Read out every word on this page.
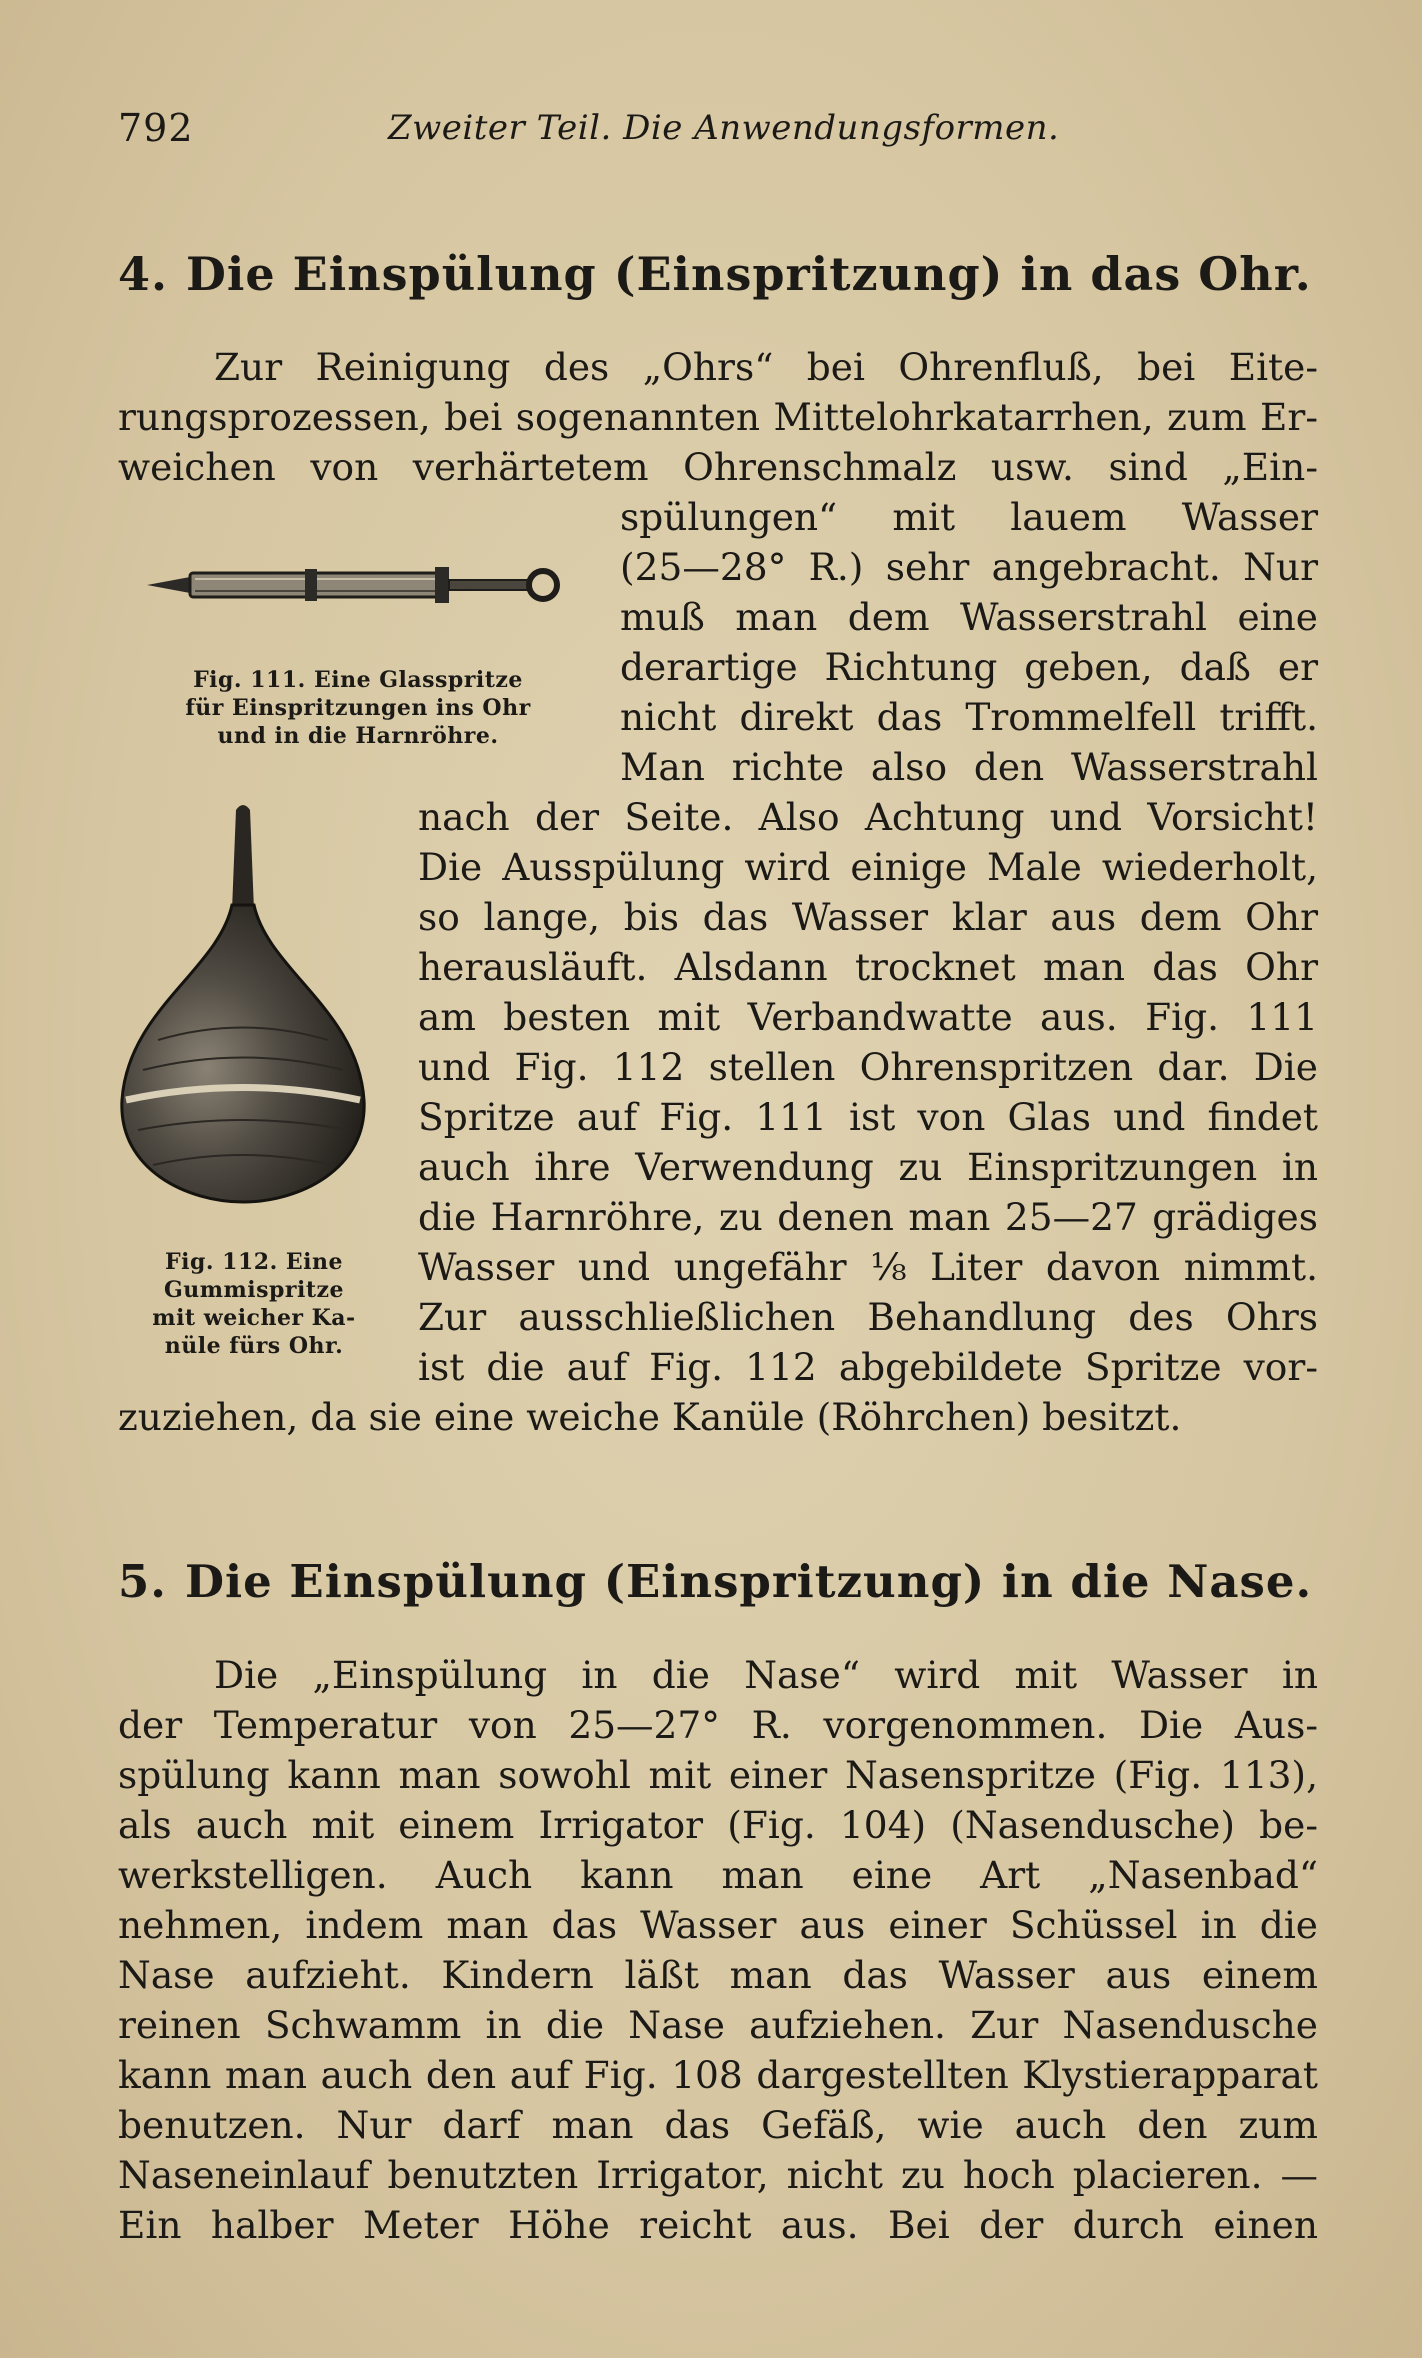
792	Zweiter Teil. Die Anwendungsformen.
4. Die Einspülung (Einspritzung) in das Ohr.
Zur Reinigung des „Ohrs“ bei Ohrenfluß, bei Eite-
rungsprozessen, bei sogenannten Mittelohrkatarrhen, zum Er-
weichen von verhärtetem Ohrenschmalz usw. sind „Ein-
spülungen“ mit lauem Wasser
(25—28° R.) sehr angebracht. Nur
muß man dem Wasserstrahl eine
derartige Richtung geben, daß er
nicht direkt das Trommelfell trifft.
Man richte also den Wasserstrahl
nach der Seite. Also Achtung und Vorsicht!
Die Ausspülung wird einige Male wiederholt,
so lange, bis das Wasser klar aus dem Ohr
herausläuft. Alsdann trocknet man das Ohr
am besten mit Verbandwatte aus. Fig. 111
und Fig. 112 stellen Ohrenspritzen dar. Die
Spritze auf Fig. 111 ist von Glas und findet
auch ihre Verwendung zu Einspritzungen in
die Harnröhre, zu denen man 25—27 grädiges
Wasser und ungefähr ⅛ Liter davon nimmt.
Zur ausschließlichen Behandlung des Ohrs
ist die auf Fig. 112 abgebildete Spritze vor-
zuziehen, da sie eine weiche Kanüle (Röhrchen) besitzt.
Fig. 111. Eine Glasspritze
für Einspritzungen ins Ohr
und in die Harnröhre.
Fig. 112. Eine
Gummispritze
mit weicher Ka-
nüle fürs Ohr.
5. Die Einspülung (Einspritzung) in die Nase.
Die „Einspülung in die Nase“ wird mit Wasser in
der Temperatur von 25—27° R. vorgenommen. Die Aus-
spülung kann man sowohl mit einer Nasenspritze (Fig. 113),
als auch mit einem Irrigator (Fig. 104) (Nasendusche) be-
werkstelligen. Auch kann man eine Art „Nasenbad“
nehmen, indem man das Wasser aus einer Schüssel in die
Nase aufzieht. Kindern läßt man das Wasser aus einem
reinen Schwamm in die Nase aufziehen. Zur Nasendusche
kann man auch den auf Fig. 108 dargestellten Klystierapparat
benutzen. Nur darf man das Gefäß, wie auch den zum
Naseneinlauf benutzten Irrigator, nicht zu hoch placieren. —
Ein halber Meter Höhe reicht aus. Bei der durch einen
